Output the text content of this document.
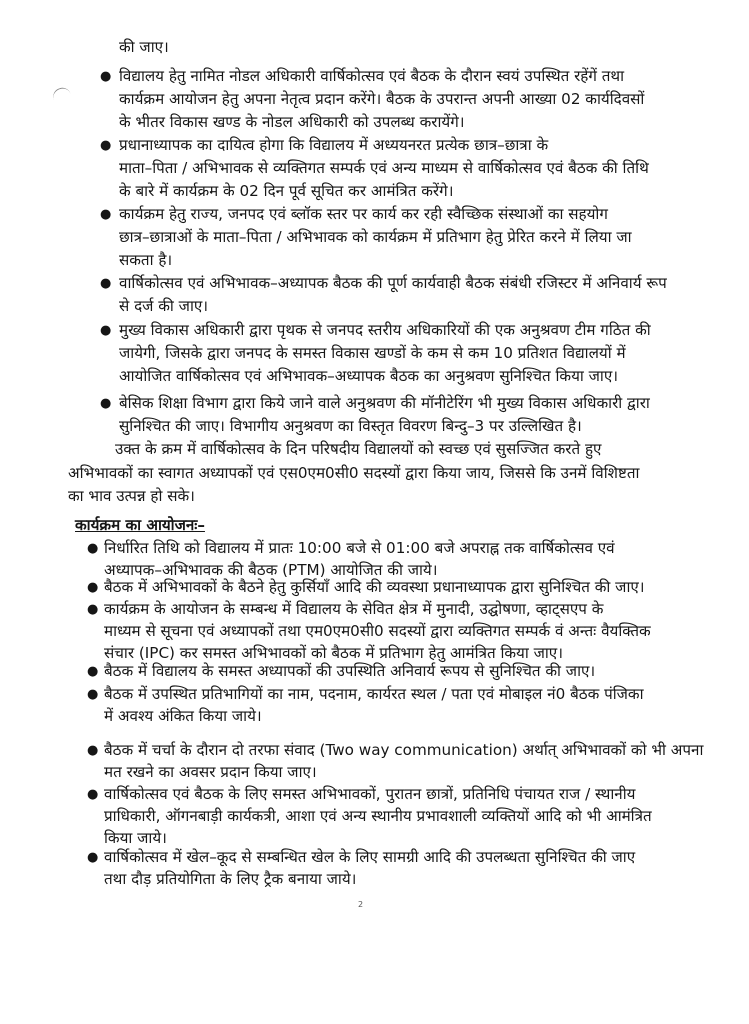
की जाए।
कार्यक्रम का आयोजनः–
● विद्यालय हेतु नामित नोडल अधिकारी वार्षिकोत्सव एवं बैठक के दौरान स्वयं उपस्थित रहेंगें तथा
कार्यक्रम आयोजन हेतु अपना नेतृत्व प्रदान करेंगे। बैठक के उपरान्त अपनी आख्या 02 कार्यदिवसों
के भीतर विकास खण्ड के नोडल अधिकारी को उपलब्ध करायेंगे।
● प्रधानाध्यापक का दायित्व होगा कि विद्यालय में अध्ययनरत प्रत्येक छात्र–छात्रा के
माता–पिता / अभिभावक से व्यक्तिगत सम्पर्क एवं अन्य माध्यम से वार्षिकोत्सव एवं बैठक की तिथि
के बारे में कार्यक्रम के 02 दिन पूर्व सूचित कर आमंत्रित करेंगे।
● कार्यक्रम हेतु राज्य, जनपद एवं ब्लॉक स्तर पर कार्य कर रही स्वैच्छिक संस्थाओं का सहयोग
छात्र–छात्राओं के माता–पिता / अभिभावक को कार्यक्रम में प्रतिभाग हेतु प्रेरित करने में लिया जा
सकता है।
● वार्षिकोत्सव एवं अभिभावक–अध्यापक बैठक की पूर्ण कार्यवाही बैठक संबंधी रजिस्टर में अनिवार्य रूप
से दर्ज की जाए।
● मुख्य विकास अधिकारी द्वारा पृथक से जनपद स्तरीय अधिकारियों की एक अनुश्रवण टीम गठित की
जायेगी, जिसके द्वारा जनपद के समस्त विकास खण्डों के कम से कम 10 प्रतिशत विद्यालयों में
आयोजित वार्षिकोत्सव एवं अभिभावक–अध्यापक बैठक का अनुश्रवण सुनिश्चित किया जाए।
● बेसिक शिक्षा विभाग द्वारा किये जाने वाले अनुश्रवण की मॉनीटेरिंग भी मुख्य विकास अधिकारी द्वारा
सुनिश्चित की जाए। विभागीय अनुश्रवण का विस्तृत विवरण बिन्दु–3 पर उल्लिखित है।
उक्त के क्रम में वार्षिकोत्सव के दिन परिषदीय विद्यालयों को स्वच्छ एवं सुसज्जित करते हुए
अभिभावकों का स्वागत अध्यापकों एवं एस0एम0सी0 सदस्यों द्वारा किया जाय, जिससे कि उनमें विशिष्टता
का भाव उत्पन्न हो सके।
● निर्धारित तिथि को विद्यालय में प्रातः 10:00 बजे से 01:00 बजे अपराह्न तक वार्षिकोत्सव एवं
अध्यापक–अभिभावक की बैठक (PTM) आयोजित की जाये।
● बैठक में अभिभावकों के बैठने हेतु कुर्सियाँ आदि की व्यवस्था प्रधानाध्यापक द्वारा सुनिश्चित की जाए।
● कार्यक्रम के आयोजन के सम्बन्ध में विद्यालय के सेवित क्षेत्र में मुनादी, उद्घोषणा, व्हाट्सएप के
माध्यम से सूचना एवं अध्यापकों तथा एम0एम0सी0 सदस्यों द्वारा व्यक्तिगत सम्पर्क वं अन्तः वैयक्तिक
संचार (IPC) कर समस्त अभिभावकों को बैठक में प्रतिभाग हेतु आमंत्रित किया जाए।
● बैठक में विद्यालय के समस्त अध्यापकों की उपस्थिति अनिवार्य रूपय से सुनिश्चित की जाए।
● बैठक में उपस्थित प्रतिभागियों का नाम, पदनाम, कार्यरत स्थल / पता एवं मोबाइल नं0 बैठक पंजिका
में अवश्य अंकित किया जाये।
● बैठक में चर्चा के दौरान दो तरफा संवाद (Two way communication) अर्थात् अभिभावकों को भी अपना
मत रखने का अवसर प्रदान किया जाए।
● वार्षिकोत्सव एवं बैठक के लिए समस्त अभिभावकों, पुरातन छात्रों, प्रतिनिधि पंचायत राज / स्थानीय
प्राधिकारी, ऑगनबाड़ी कार्यकत्री, आशा एवं अन्य स्थानीय प्रभावशाली व्यक्तियों आदि को भी आमंत्रित
किया जाये।
● वार्षिकोत्सव में खेल–कूद से सम्बन्धित खेल के लिए सामग्री आदि की उपलब्धता सुनिश्चित की जाए
तथा दौड़ प्रतियोगिता के लिए ट्रैक बनाया जाये।
2
